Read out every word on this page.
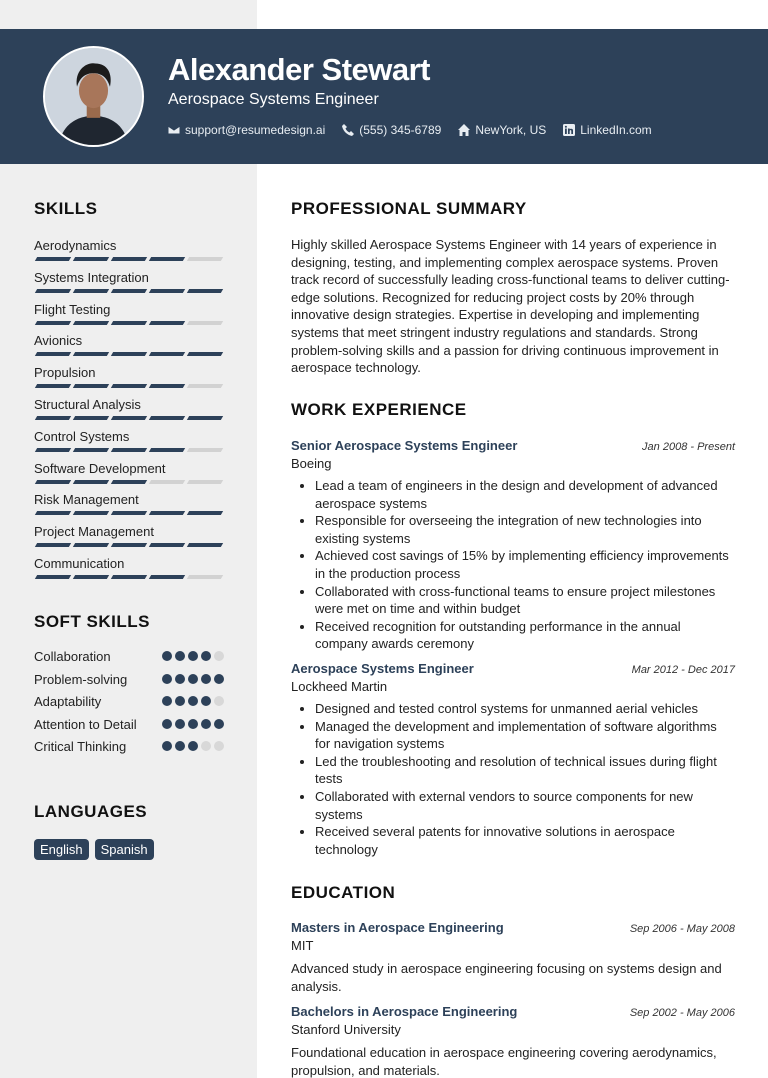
Alexander Stewart
Aerospace Systems Engineer
support@resumedesign.ai	(555) 345-6789	NewYork, US	LinkedIn.com
SKILLS
Aerodynamics
Systems Integration
Flight Testing
Avionics
Propulsion
Structural Analysis
Control Systems
Software Development
Risk Management
Project Management
Communication
SOFT SKILLS
Collaboration
Problem-solving
Adaptability
Attention to Detail
Critical Thinking
LANGUAGES
English	Spanish
PROFESSIONAL SUMMARY
Highly skilled Aerospace Systems Engineer with 14 years of experience in designing, testing, and implementing complex aerospace systems. Proven track record of successfully leading cross-functional teams to deliver cutting-edge solutions. Recognized for reducing project costs by 20% through innovative design strategies. Expertise in developing and implementing systems that meet stringent industry regulations and standards. Strong problem-solving skills and a passion for driving continuous improvement in aerospace technology.
WORK EXPERIENCE
Senior Aerospace Systems Engineer	Jan 2008 - Present
Boeing
• Lead a team of engineers in the design and development of advanced aerospace systems
• Responsible for overseeing the integration of new technologies into existing systems
• Achieved cost savings of 15% by implementing efficiency improvements in the production process
• Collaborated with cross-functional teams to ensure project milestones were met on time and within budget
• Received recognition for outstanding performance in the annual company awards ceremony
Aerospace Systems Engineer	Mar 2012 - Dec 2017
Lockheed Martin
• Designed and tested control systems for unmanned aerial vehicles
• Managed the development and implementation of software algorithms for navigation systems
• Led the troubleshooting and resolution of technical issues during flight tests
• Collaborated with external vendors to source components for new systems
• Received several patents for innovative solutions in aerospace technology
EDUCATION
Masters in Aerospace Engineering	Sep 2006 - May 2008
MIT
Advanced study in aerospace engineering focusing on systems design and analysis.
Bachelors in Aerospace Engineering	Sep 2002 - May 2006
Stanford University
Foundational education in aerospace engineering covering aerodynamics, propulsion, and materials.
